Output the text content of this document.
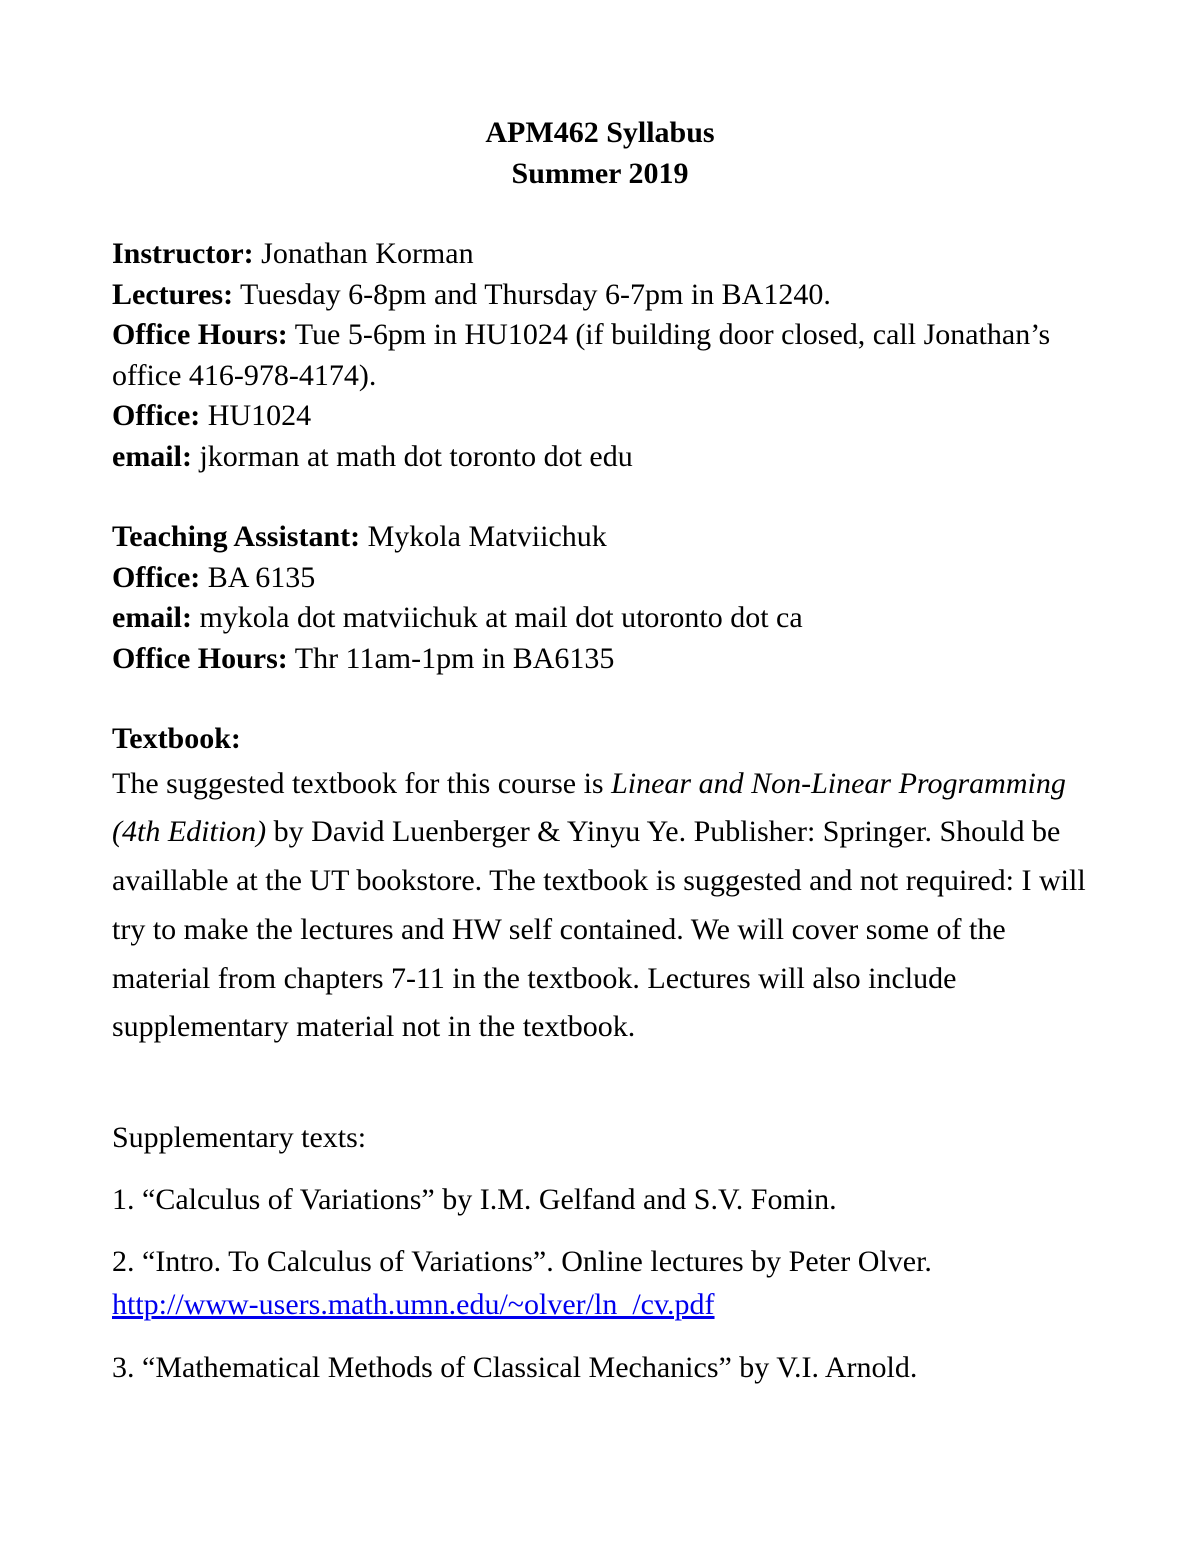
APM462 Syllabus
Summer 2019

Instructor: Jonathan Korman

Lectures: Tuesday 6-8pm and Thursday 6-7pm in BA1240.

Office Hours: Tue 5-6pm in HU1024 (if building door closed, call Jonathan’s office 416-978-4174).

Office: HU1024

email: jkorman at math dot toronto dot edu

Teaching Assistant: Mykola Matviichuk

Office: BA 6135

email: mykola dot matviichuk at mail dot utoronto dot ca

Office Hours: Thr 11am-1pm in BA6135

Textbook:

The suggested textbook for this course is Linear and Non-Linear Programming (4th Edition) by David Luenberger & Yinyu Ye. Publisher: Springer. Should be availlable at the UT bookstore. The textbook is suggested and not required: I will try to make the lectures and HW self contained. We will cover some of the material from chapters 7-11 in the textbook. Lectures will also include supplementary material not in the textbook.

Supplementary texts:

1. “Calculus of Variations” by I.M. Gelfand and S.V. Fomin.

2. “Intro. To Calculus of Variations”. Online lectures by Peter Olver.
http://www-users.math.umn.edu/~olver/ln_/cv.pdf

3. “Mathematical Methods of Classical Mechanics” by V.I. Arnold.
